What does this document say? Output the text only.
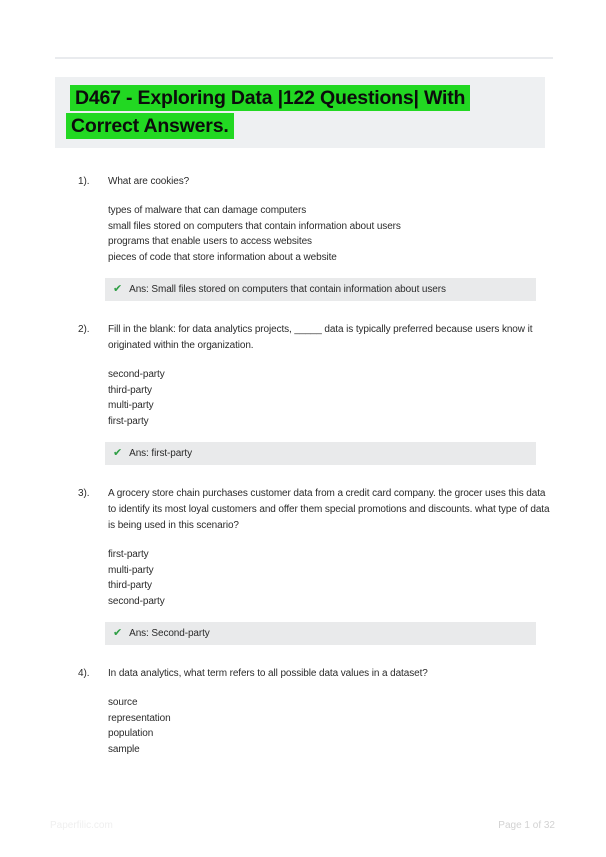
D467 - Exploring Data |122 Questions| With
Correct Answers.
1).	What are cookies?
types of malware that can damage computers
small files stored on computers that contain information about users
programs that enable users to access websites
pieces of code that store information about a website
✔ Ans: Small files stored on computers that contain information about users
2).	Fill in the blank: for data analytics projects, _____ data is typically preferred because users know it originated within the organization.
second-party
third-party
multi-party
first-party
✔ Ans: first-party
3).	A grocery store chain purchases customer data from a credit card company. the grocer uses this data to identify its most loyal customers and offer them special promotions and discounts. what type of data is being used in this scenario?
first-party
multi-party
third-party
second-party
✔ Ans: Second-party
4).	In data analytics, what term refers to all possible data values in a dataset?
source
representation
population
sample
Paperfilic.com	Page 1 of 32
